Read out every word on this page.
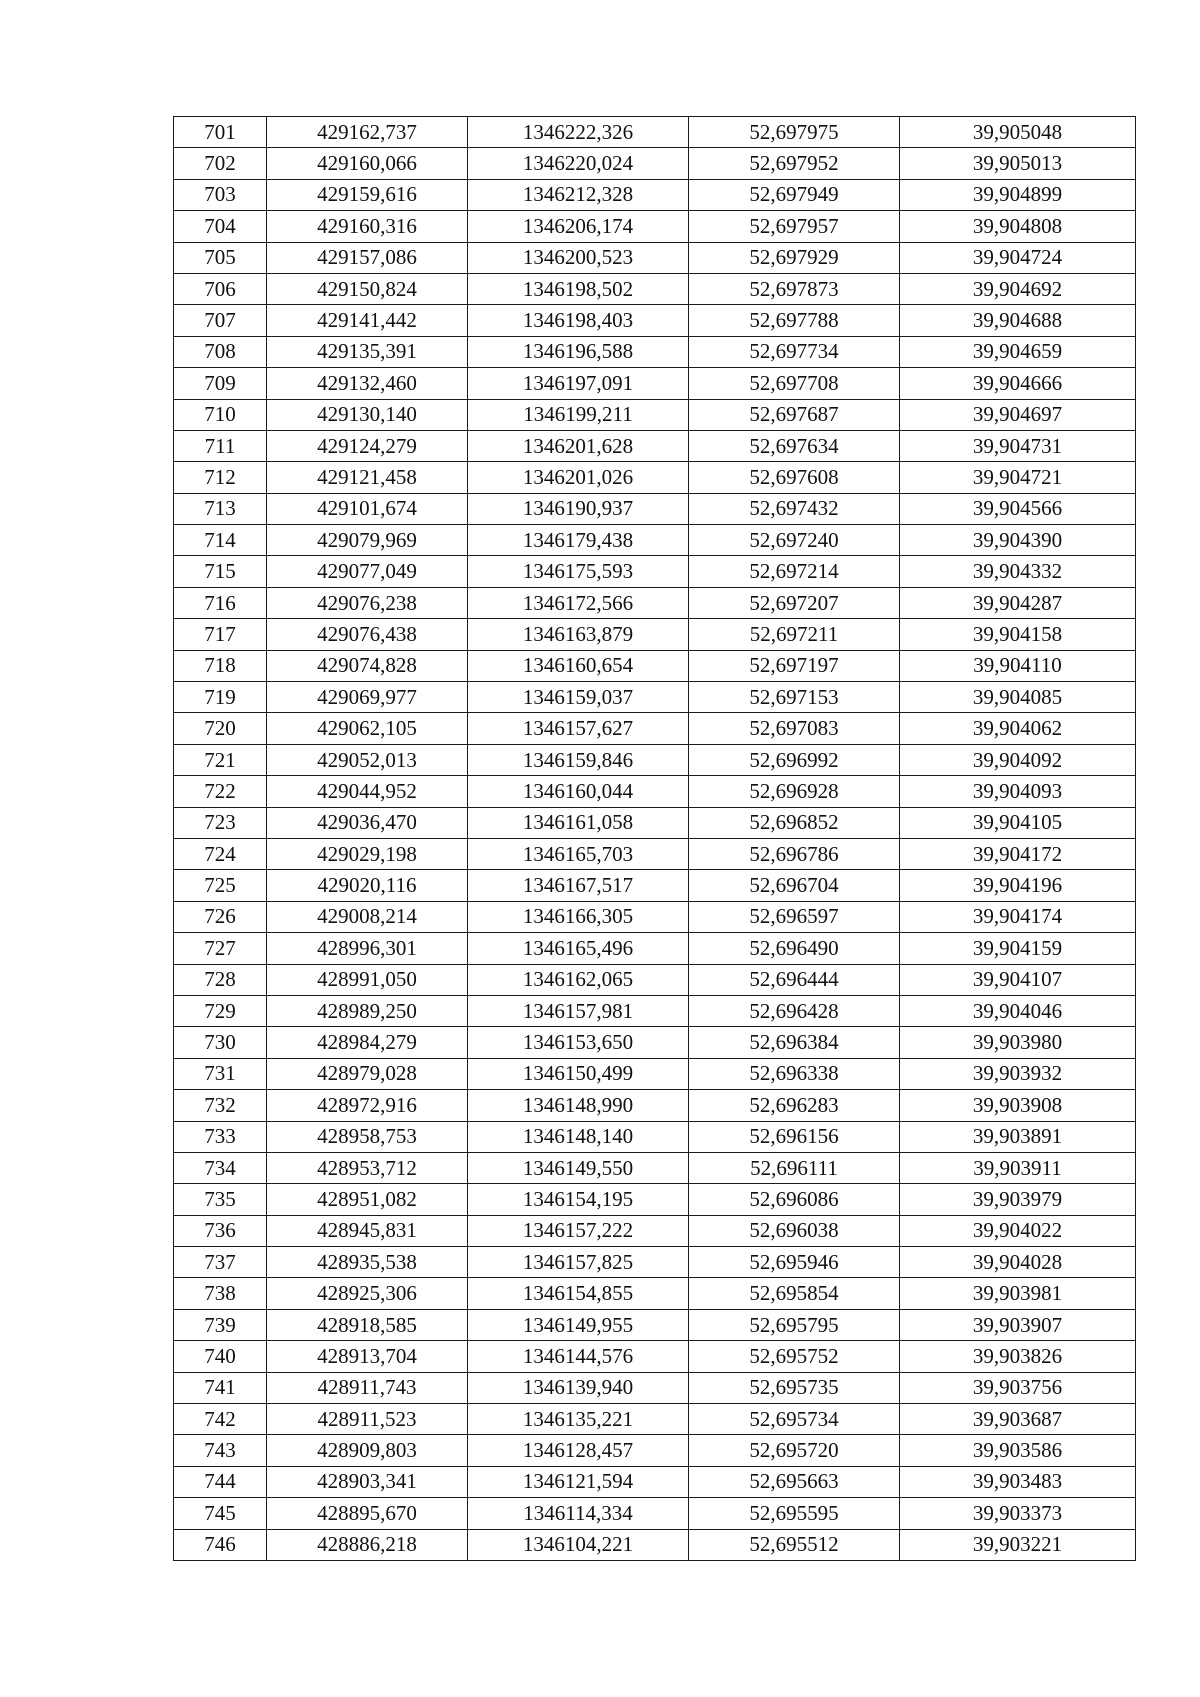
701	429162,737	1346222,326	52,697975	39,905048
702	429160,066	1346220,024	52,697952	39,905013
703	429159,616	1346212,328	52,697949	39,904899
704	429160,316	1346206,174	52,697957	39,904808
705	429157,086	1346200,523	52,697929	39,904724
706	429150,824	1346198,502	52,697873	39,904692
707	429141,442	1346198,403	52,697788	39,904688
708	429135,391	1346196,588	52,697734	39,904659
709	429132,460	1346197,091	52,697708	39,904666
710	429130,140	1346199,211	52,697687	39,904697
711	429124,279	1346201,628	52,697634	39,904731
712	429121,458	1346201,026	52,697608	39,904721
713	429101,674	1346190,937	52,697432	39,904566
714	429079,969	1346179,438	52,697240	39,904390
715	429077,049	1346175,593	52,697214	39,904332
716	429076,238	1346172,566	52,697207	39,904287
717	429076,438	1346163,879	52,697211	39,904158
718	429074,828	1346160,654	52,697197	39,904110
719	429069,977	1346159,037	52,697153	39,904085
720	429062,105	1346157,627	52,697083	39,904062
721	429052,013	1346159,846	52,696992	39,904092
722	429044,952	1346160,044	52,696928	39,904093
723	429036,470	1346161,058	52,696852	39,904105
724	429029,198	1346165,703	52,696786	39,904172
725	429020,116	1346167,517	52,696704	39,904196
726	429008,214	1346166,305	52,696597	39,904174
727	428996,301	1346165,496	52,696490	39,904159
728	428991,050	1346162,065	52,696444	39,904107
729	428989,250	1346157,981	52,696428	39,904046
730	428984,279	1346153,650	52,696384	39,903980
731	428979,028	1346150,499	52,696338	39,903932
732	428972,916	1346148,990	52,696283	39,903908
733	428958,753	1346148,140	52,696156	39,903891
734	428953,712	1346149,550	52,696111	39,903911
735	428951,082	1346154,195	52,696086	39,903979
736	428945,831	1346157,222	52,696038	39,904022
737	428935,538	1346157,825	52,695946	39,904028
738	428925,306	1346154,855	52,695854	39,903981
739	428918,585	1346149,955	52,695795	39,903907
740	428913,704	1346144,576	52,695752	39,903826
741	428911,743	1346139,940	52,695735	39,903756
742	428911,523	1346135,221	52,695734	39,903687
743	428909,803	1346128,457	52,695720	39,903586
744	428903,341	1346121,594	52,695663	39,903483
745	428895,670	1346114,334	52,695595	39,903373
746	428886,218	1346104,221	52,695512	39,903221
